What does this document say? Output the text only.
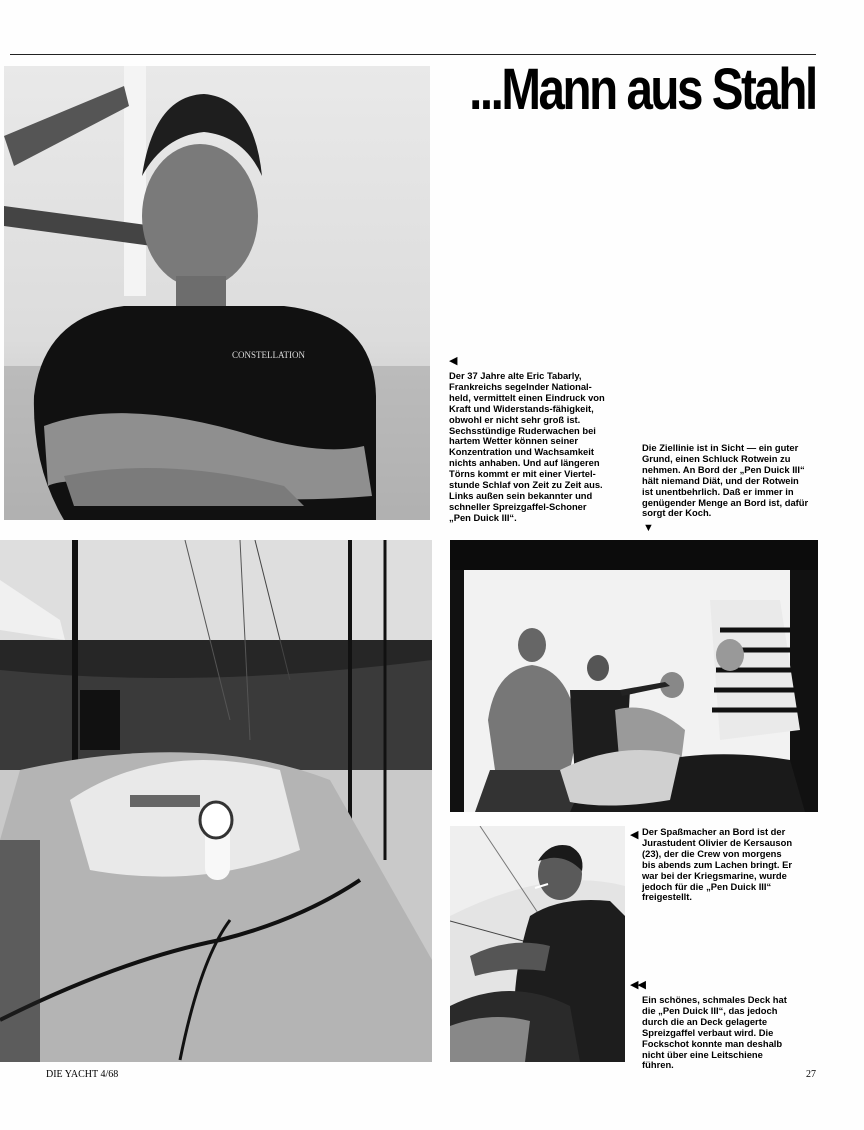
...Mann aus Stahl
CONSTELLATION	◀
Der 37 Jahre alte Eric Tabarly, Frankreichs segelnder National-held, vermittelt einen Eindruck von Kraft und Widerstands-fähigkeit, obwohl er nicht sehr groß ist. Sechsstündige Ruderwachen bei hartem Wetter können seiner Konzentration und Wachsamkeit nichts anhaben. Und auf längeren Törns kommt er mit einer Viertel-stunde Schlaf von Zeit zu Zeit aus. Links außen sein bekannter und schneller Spreizgaffel-Schoner „Pen Duick III“.
Die Ziellinie ist in Sicht — ein guter Grund, einen Schluck Rotwein zu nehmen. An Bord der „Pen Duick III“ hält niemand Diät, und der Rotwein ist unentbehrlich. Daß er immer in genügender Menge an Bord ist, dafür sorgt der Koch.
▼
◀ Der Spaßmacher an Bord ist der Jurastudent Olivier de Kersauson (23), der die Crew von morgens bis abends zum Lachen bringt. Er war bei der Kriegsmarine, wurde jedoch für die „Pen Duick III“ freigestellt.
◀◀
Ein schönes, schmales Deck hat die „Pen Duick III“, das jedoch durch die an Deck gelagerte Spreizgaffel verbaut wird. Die Fockschot konnte man deshalb nicht über eine Leitschiene führen.
DIE YACHT 4/68	27
